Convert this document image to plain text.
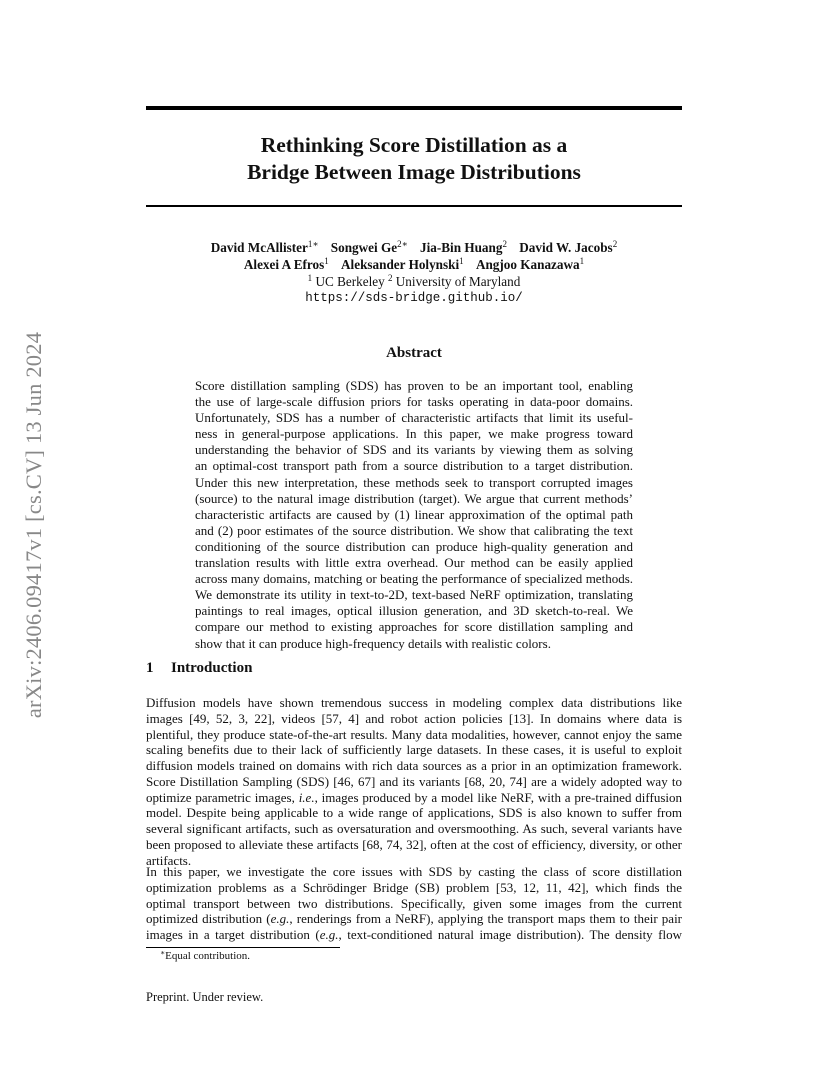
arXiv:2406.09417v1 [cs.CV] 13 Jun 2024
Rethinking Score Distillation as a
Bridge Between Image Distributions
David McAllister$^{1∗}$ Songwei $Ge^{2∗}$ Jia-Bin Huang$^2$ David W. Jacobs$^2$
Alexei A Efros$^1$ Aleksander Holynski$^1$ Angjoo Kanazawa$^1$
$^1$ UC Berkeley $^2$ University of Maryland
https://sds-bridge.github.io/
Abstract
Score distillation sampling (SDS) has proven to be an important tool, enabling
the use of large-scale diffusion priors for tasks operating in data-poor domains.
Unfortunately, SDS has a number of characteristic artifacts that limit its useful-
ness in general-purpose applications. In this paper, we make progress toward
understanding the behavior of SDS and its variants by viewing them as solving
an optimal-cost transport path from a source distribution to a target distribution.
Under this new interpretation, these methods seek to transport corrupted images
(source) to the natural image distribution (target). We argue that current methods’
characteristic artifacts are caused by (1) linear approximation of the optimal path
and (2) poor estimates of the source distribution. We show that calibrating the text
conditioning of the source distribution can produce high-quality generation and
translation results with little extra overhead. Our method can be easily applied
across many domains, matching or beating the performance of specialized methods.
We demonstrate its utility in text-to-2D, text-based NeRF optimization, translating
paintings to real images, optical illusion generation, and 3D sketch-to-real. We
compare our method to existing approaches for score distillation sampling and
show that it can produce high-frequency details with realistic colors.
1 Introduction
Diffusion models have shown tremendous success in modeling complex data distributions like
images [49, 52, 3, 22], videos [57, 4] and robot action policies [13]. In domains where data is
plentiful, they produce state-of-the-art results. Many data modalities, however, cannot enjoy the same
scaling benefits due to their lack of sufficiently large datasets. In these cases, it is useful to exploit
diffusion models trained on domains with rich data sources as a prior in an optimization framework.
Score Distillation Sampling (SDS) [46, 67] and its variants [68, 20, 74] are a widely adopted way to
optimize parametric images, i.e., images produced by a model like NeRF, with a pre-trained diffusion
model. Despite being applicable to a wide range of applications, SDS is also known to suffer from
several significant artifacts, such as oversaturation and oversmoothing. As such, several variants have
been proposed to alleviate these artifacts [68, 74, 32], often at the cost of efficiency, diversity, or other
artifacts.
In this paper, we investigate the core issues with SDS by casting the class of score distillation
optimization problems as a Schrödinger Bridge (SB) problem [53, 12, 11, 42], which finds the
optimal transport between two distributions. Specifically, given some images from the current
optimized distribution (e.g., renderings from a NeRF), applying the transport maps them to their pair
images in a target distribution (e.g., text-conditioned natural image distribution). The density flow
∗Equal contribution.
Preprint. Under review.
